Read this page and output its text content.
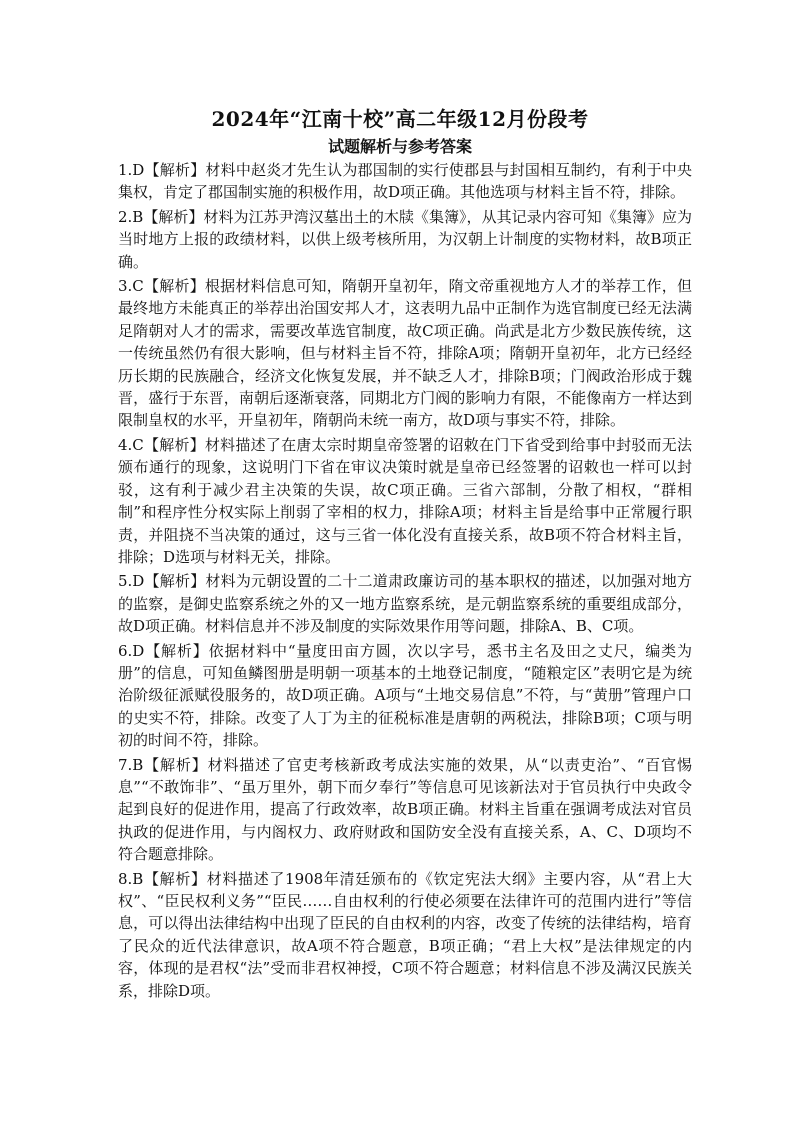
2024年“江南十校”高二年级12月份段考
试题解析与参考答案

1.D【解析】材料中赵炎才先生认为郡国制的实行使郡县与封国相互制约，有利于中央集权，肯定了郡国制实施的积极作用，故D项正确。其他选项与材料主旨不符，排除。

2.B【解析】材料为江苏尹湾汉墓出土的木牍《集簿》，从其记录内容可知《集簿》应为当时地方上报的政绩材料，以供上级考核所用，为汉朝上计制度的实物材料，故B项正确。

3.C【解析】根据材料信息可知，隋朝开皇初年，隋文帝重视地方人才的举荐工作，但最终地方未能真正的举荐出治国安邦人才，这表明九品中正制作为选官制度已经无法满足隋朝对人才的需求，需要改革选官制度，故C项正确。尚武是北方少数民族传统，这一传统虽然仍有很大影响，但与材料主旨不符，排除A项；隋朝开皇初年，北方已经经历长期的民族融合，经济文化恢复发展，并不缺乏人才，排除B项；门阀政治形成于魏晋，盛行于东晋，南朝后逐渐衰落，同期北方门阀的影响力有限，不能像南方一样达到限制皇权的水平，开皇初年，隋朝尚未统一南方，故D项与事实不符，排除。

4.C【解析】材料描述了在唐太宗时期皇帝签署的诏敕在门下省受到给事中封驳而无法颁布通行的现象，这说明门下省在审议决策时就是皇帝已经签署的诏敕也一样可以封驳，这有利于减少君主决策的失误，故C项正确。三省六部制，分散了相权，“群相制”和程序性分权实际上削弱了宰相的权力，排除A项；材料主旨是给事中正常履行职责，并阻挠不当决策的通过，这与三省一体化没有直接关系，故B项不符合材料主旨，排除；D选项与材料无关，排除。

5.D【解析】材料为元朝设置的二十二道肃政廉访司的基本职权的描述，以加强对地方的监察，是御史监察系统之外的又一地方监察系统，是元朝监察系统的重要组成部分，故D项正确。材料信息并不涉及制度的实际效果作用等问题，排除A、B、C项。

6.D【解析】依据材料中“量度田亩方圆，次以字号，悉书主名及田之丈尺，编类为册”的信息，可知鱼鳞图册是明朝一项基本的土地登记制度，“随粮定区”表明它是为统治阶级征派赋役服务的，故D项正确。A项与“土地交易信息”不符，与“黄册”管理户口的史实不符，排除。改变了人丁为主的征税标准是唐朝的两税法，排除B项；C项与明初的时间不符，排除。

7.B【解析】材料描述了官吏考核新政考成法实施的效果，从“以责吏治”、“百官惕息”“不敢饰非”、“虽万里外，朝下而夕奉行”等信息可见该新法对于官员执行中央政令起到良好的促进作用，提高了行政效率，故B项正确。材料主旨重在强调考成法对官员执政的促进作用，与内阁权力、政府财政和国防安全没有直接关系，A、C、D项均不符合题意排除。

8.B【解析】材料描述了1908年清廷颁布的《钦定宪法大纲》主要内容，从“君上大权”、“臣民权利义务”“臣民……自由权利的行使必须要在法律许可的范围内进行”等信息，可以得出法律结构中出现了臣民的自由权利的内容，改变了传统的法律结构，培育了民众的近代法律意识，故A项不符合题意，B项正确；“君上大权”是法律规定的内容，体现的是君权“法”受而非君权神授，C项不符合题意；材料信息不涉及满汉民族关系，排除D项。
